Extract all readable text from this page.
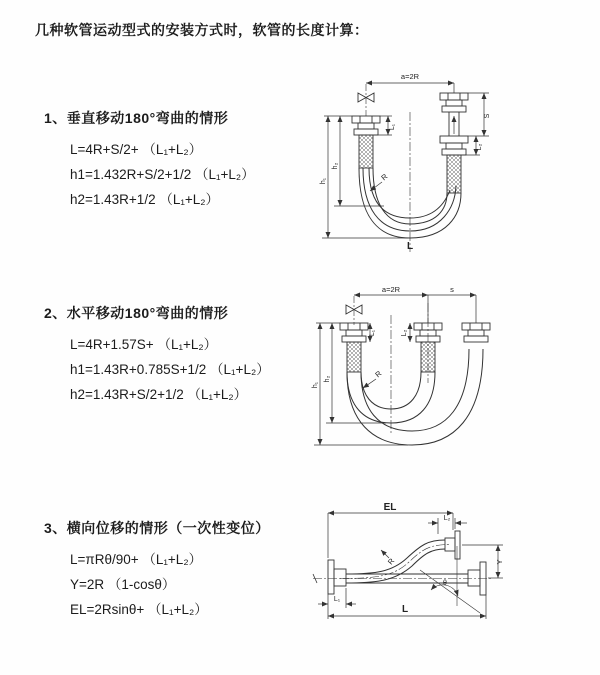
几种软管运动型式的安装方式时，软管的长度计算：
1、垂直移动180°弯曲的情形
L=4R+S/2+ （L₁+L₂）
h1=1.432R+S/2+1/2 （L₁+L₂）
h2=1.43R+1/2 （L₁+L₂）
2、水平移动180°弯曲的情形
L=4R+1.57S+ （L₁+L₂）
h1=1.43R+0.785S+1/2 （L₁+L₂）
h2=1.43R+S/2+1/2 （L₁+L₂）
3、横向位移的情形（一次性变位）
L=πRθ/90+ （L₁+L₂）
Y=2R （1-cosθ）
EL=2Rsinθ+ （L₁+L₂）
a=2R
h₁
h₂
L₁
S
L₂
R
L
a=2R	s
h₁
h₂
L₁	L₂
R
EL
L₂
θ
R	Y
L₁
L
